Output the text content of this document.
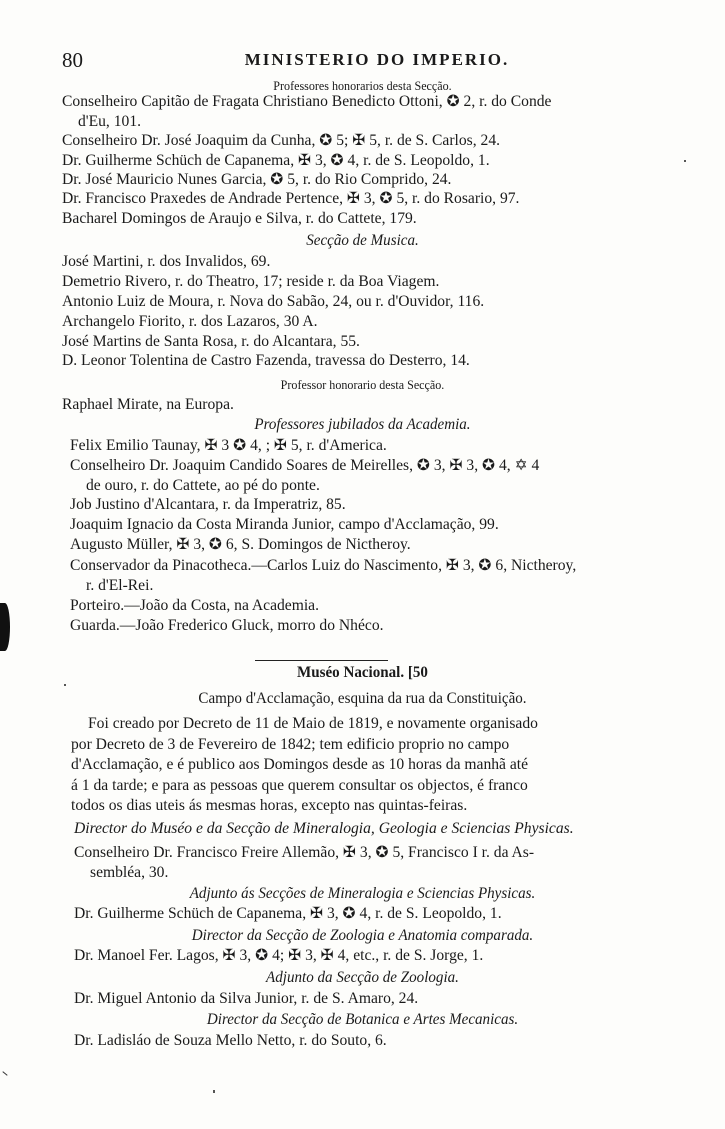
80	MINISTERIO DO IMPERIO.
Professores honorarios desta Secção.
Conselheiro Capitão de Fragata Christiano Benedicto Ottoni, ✪ 2, r. do Conde
d'Eu, 101.
Conselheiro Dr. José Joaquim da Cunha, ✪ 5; ✠ 5, r. de S. Carlos, 24.
Dr. Guilherme Schüch de Capanema, ✠ 3, ✪ 4, r. de S. Leopoldo, 1.
Dr. José Mauricio Nunes Garcia, ✪ 5, r. do Rio Comprido, 24.
Dr. Francisco Praxedes de Andrade Pertence, ✠ 3, ✪ 5, r. do Rosario, 97.
Bacharel Domingos de Araujo e Silva, r. do Cattete, 179.
Secção de Musica.
José Martini, r. dos Invalidos, 69.
Demetrio Rivero, r. do Theatro, 17; reside r. da Boa Viagem.
Antonio Luiz de Moura, r. Nova do Sabão, 24, ou r. d'Ouvidor, 116.
Archangelo Fiorito, r. dos Lazaros, 30 A.
José Martins de Santa Rosa, r. do Alcantara, 55.
D. Leonor Tolentina de Castro Fazenda, travessa do Desterro, 14.
Professor honorario desta Secção.
Raphael Mirate, na Europa.
Professores jubilados da Academia.
Felix Emilio Taunay, ✠ 3 ✪ 4, ; ✠ 5, r. d'America.
Conselheiro Dr. Joaquim Candido Soares de Meirelles, ✪ 3, ✠ 3, ✪ 4, ✡ 4
de ouro, r. do Cattete, ao pé do ponte.
Job Justino d'Alcantara, r. da Imperatriz, 85.
Joaquim Ignacio da Costa Miranda Junior, campo d'Acclamação, 99.
Augusto Müller, ✠ 3, ✪ 6, S. Domingos de Nictheroy.
Conservador da Pinacotheca.—Carlos Luiz do Nascimento, ✠ 3, ✪ 6, Nictheroy,
r. d'El-Rei.
Porteiro.—João da Costa, na Academia.
Guarda.—João Frederico Gluck, morro do Nhéco.
Muséo Nacional. [50
Campo d'Acclamação, esquina da rua da Constituição.
Foi creado por Decreto de 11 de Maio de 1819, e novamente organisado
por Decreto de 3 de Fevereiro de 1842; tem edificio proprio no campo
d'Acclamação, e é publico aos Domingos desde as 10 horas da manhã até
á 1 da tarde; e para as pessoas que querem consultar os objectos, é franco
todos os dias uteis ás mesmas horas, excepto nas quintas-feiras.
Director do Muséo e da Secção de Mineralogia, Geologia e Sciencias Physicas.
Conselheiro Dr. Francisco Freire Allemão, ✠ 3, ✪ 5, Francisco I r. da As-
sembléa, 30.
Adjunto ás Secções de Mineralogia e Sciencias Physicas.
Dr. Guilherme Schüch de Capanema, ✠ 3, ✪ 4, r. de S. Leopoldo, 1.
Director da Secção de Zoologia e Anatomia comparada.
Dr. Manoel Fer. Lagos, ✠ 3, ✪ 4; ✠ 3, ✠ 4, etc., r. de S. Jorge, 1.
Adjunto da Secção de Zoologia.
Dr. Miguel Antonio da Silva Junior, r. de S. Amaro, 24.
Director da Secção de Botanica e Artes Mecanicas.
Dr. Ladisláo de Souza Mello Netto, r. do Souto, 6.
